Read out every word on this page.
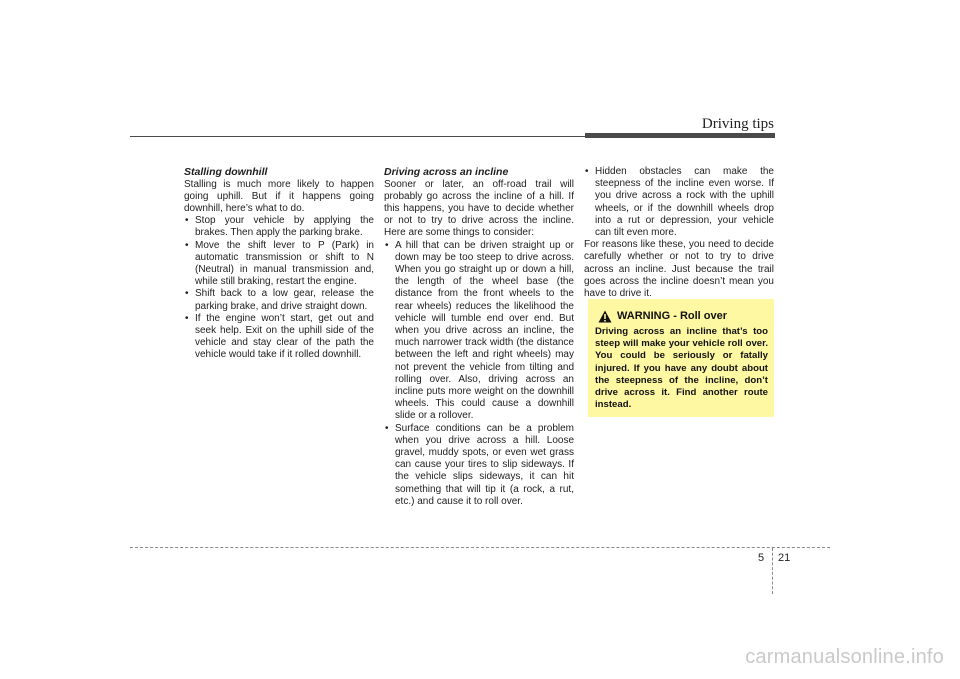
Driving tips
Stalling downhill

Stalling is much more likely to happen going uphill. But if it happens going downhill, here’s what to do.

• Stop your vehicle by applying the brakes. Then apply the parking brake.
• Move the shift lever to P (Park) in automatic transmission or shift to N (Neutral) in manual transmission and, while still braking, restart the engine.
• Shift back to a low gear, release the parking brake, and drive straight down.
• If the engine won’t start, get out and seek help. Exit on the uphill side of the vehicle and stay clear of the path the vehicle would take if it rolled downhill.
Driving across an incline

Sooner or later, an off-road trail will probably go across the incline of a hill. If this happens, you have to decide whether or not to try to drive across the incline. Here are some things to consider:

• A hill that can be driven straight up or down may be too steep to drive across. When you go straight up or down a hill, the length of the wheel base (the distance from the front wheels to the rear wheels) reduces the likelihood the vehicle will tumble end over end. But when you drive across an incline, the much narrower track width (the distance between the left and right wheels) may not prevent the vehicle from tilting and rolling over. Also, driving across an incline puts more weight on the downhill wheels. This could cause a downhill slide or a rollover.
• Surface conditions can be a problem when you drive across a hill. Loose gravel, muddy spots, or even wet grass can cause your tires to slip sideways. If the vehicle slips sideways, it can hit something that will tip it (a rock, a rut, etc.) and cause it to roll over.
• Hidden obstacles can make the steepness of the incline even worse. If you drive across a rock with the uphill wheels, or if the downhill wheels drop into a rut or depression, your vehicle can tilt even more.

For reasons like these, you need to decide carefully whether or not to try to drive across an incline. Just because the trail goes across the incline doesn’t mean you have to drive it.

WARNING - Roll over
Driving across an incline that’s too steep will make your vehicle roll over. You could be seriously or fatally injured. If you have any doubt about the steepness of the incline, don’t drive across it. Find another route instead.
5 21
carmanualsonline.info
